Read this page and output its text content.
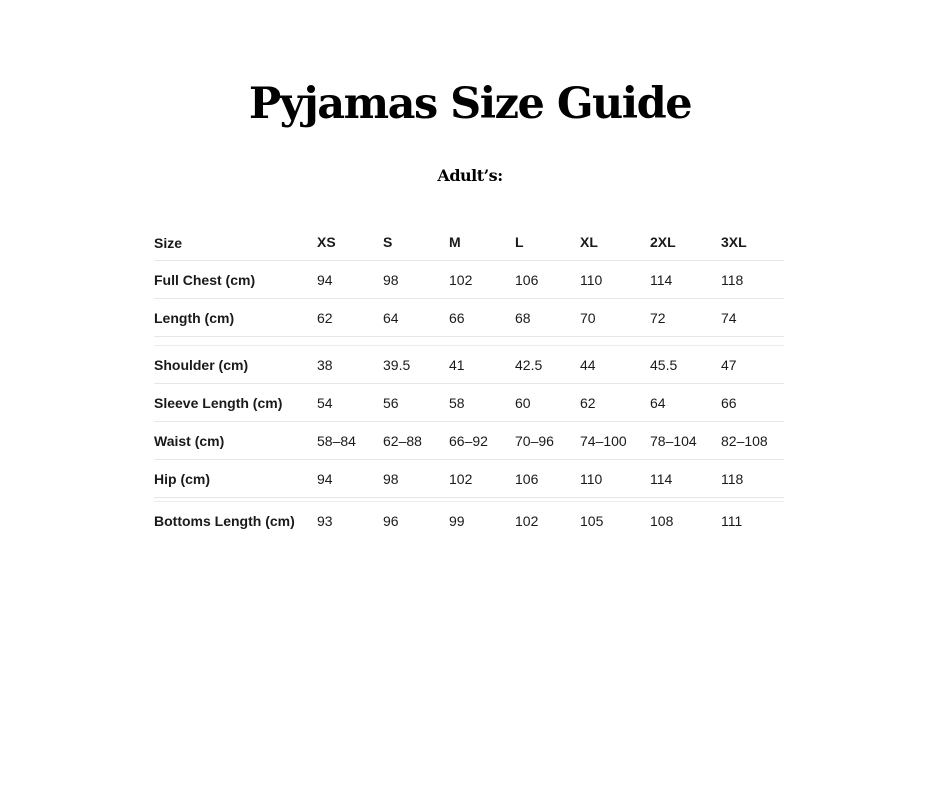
Pyjamas Size Guide
Adult’s:
Size	XS	S	M	L	XL	2XL	3XL
Full Chest (cm)	94	98	102	106	110	114	118
Length (cm)	62	64	66	68	70	72	74
Shoulder (cm)	38	39.5	41	42.5	44	45.5	47
Sleeve Length (cm) 54	56	58	60	62	64	66
Waist (cm)	58–84 62–88 66–92 70–96 74–100 78–104 82–108
Hip (cm)	94	98	102	106	110	114	118
Bottoms Length (cm) 93	96	99	102	105	108	111
